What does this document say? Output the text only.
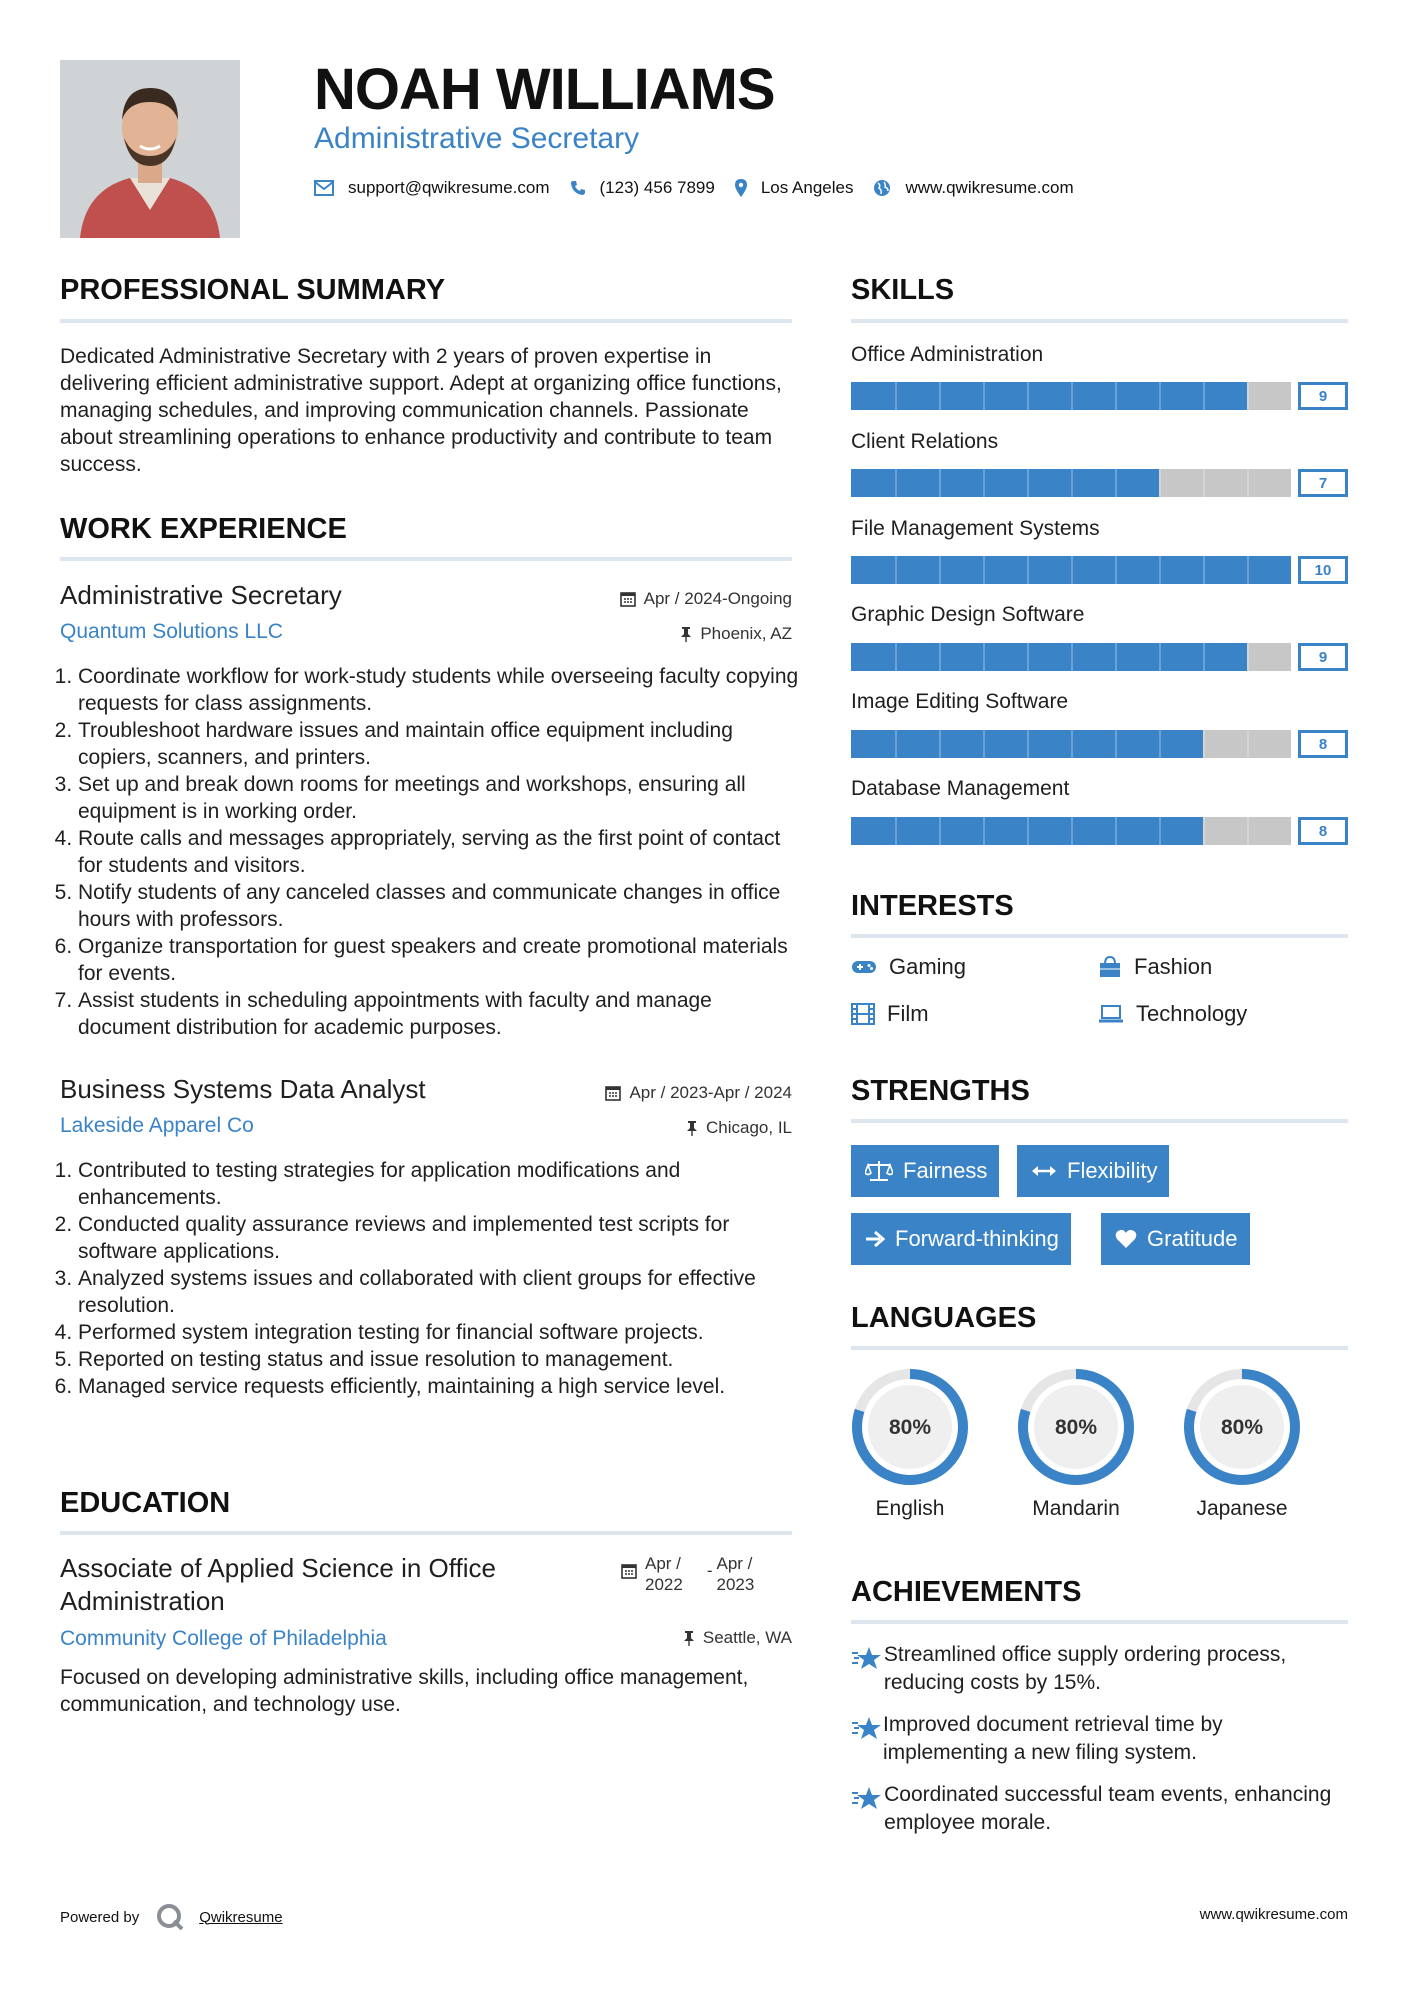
NOAH WILLIAMS
Administrative Secretary
support@qwikresume.com	(123) 456 7899	Los Angeles	www.qwikresume.com
PROFESSIONAL SUMMARY
Dedicated Administrative Secretary with 2 years of proven expertise in delivering efficient administrative support. Adept at organizing office functions, managing schedules, and improving communication channels. Passionate about streamlining operations to enhance productivity and contribute to team success.
WORK EXPERIENCE
Administrative Secretary	Apr / 2024-Ongoing
Quantum Solutions LLC	Phoenix, AZ
1. Coordinate workflow for work-study students while overseeing faculty copying requests for class assignments.
2. Troubleshoot hardware issues and maintain office equipment including copiers, scanners, and printers.
3. Set up and break down rooms for meetings and workshops, ensuring all equipment is in working order.
4. Route calls and messages appropriately, serving as the first point of contact for students and visitors.
5. Notify students of any canceled classes and communicate changes in office hours with professors.
6. Organize transportation for guest speakers and create promotional materials for events.
7. Assist students in scheduling appointments with faculty and manage document distribution for academic purposes.
Business Systems Data Analyst	Apr / 2023-Apr / 2024
Lakeside Apparel Co	Chicago, IL
1. Contributed to testing strategies for application modifications and enhancements.
2. Conducted quality assurance reviews and implemented test scripts for software applications.
3. Analyzed systems issues and collaborated with client groups for effective resolution.
4. Performed system integration testing for financial software projects.
5. Reported on testing status and issue resolution to management.
6. Managed service requests efficiently, maintaining a high service level.
EDUCATION
Associate of Applied Science in Office
Administration
Apr /
2022
- Apr /
2023
Community College of Philadelphia	Seattle, WA
Focused on developing administrative skills, including office management, communication, and technology use.
SKILLS
Office Administration
9
Client Relations
7
File Management Systems
10
Graphic Design Software
9
Image Editing Software
8
Database Management
8
INTERESTS
Gaming	Fashion
Film	Technology
STRENGTHS
Fairness	Flexibility
Forward-thinking	Gratitude
LANGUAGES
80%
English
80%
Mandarin
80%
Japanese
ACHIEVEMENTS
Streamlined office supply ordering process, reducing costs by 15%.
Improved document retrieval time by implementing a new filing system.
Coordinated successful team events, enhancing employee morale.
Powered by	Qwikresume	www.qwikresume.com
